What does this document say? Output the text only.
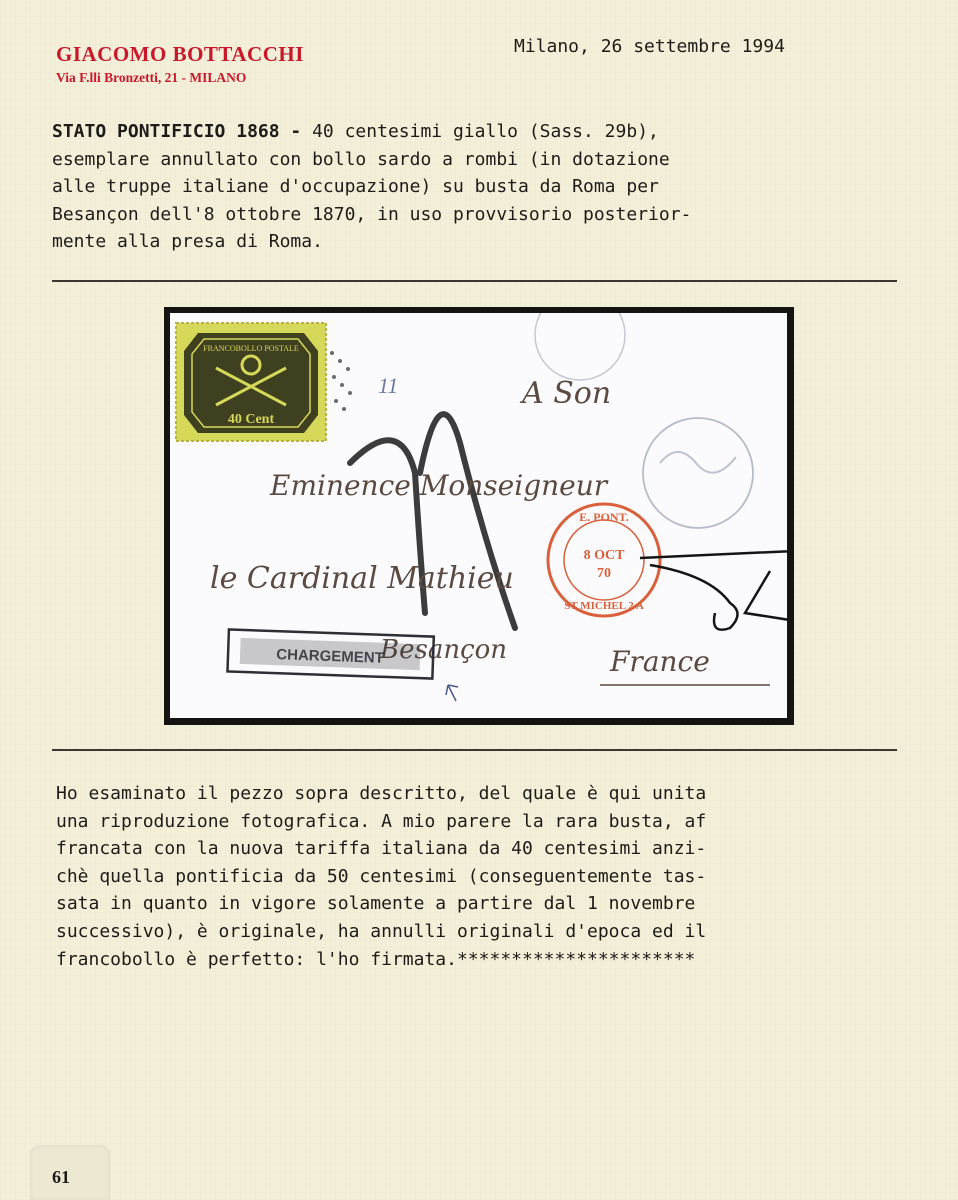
GIACOMO BOTTACCHI
Via F.lli Bronzetti, 21 - MILANO
Milano, 26 settembre 1994
STATO PONTIFICIO 1868 - 40 centesimi giallo (Sass. 29b),
esemplare annullato con bollo sardo a rombi (in dotazione
alle truppe italiane d'occupazione) su busta da Roma per
Besançon dell'8 ottobre 1870, in uso provvisorio posterior-
mente alla presa di Roma.
FRANCOBOLLO POSTALE
40 Cent
11	A Son
Eminence Monseigneur
le Cardinal Mathieu
Besançon	France
E. PONT.
8 OCT
70
ST MICHEL 2 A
CHARGEMENT
Ho esaminato il pezzo sopra descritto, del quale è qui unita
una riproduzione fotografica. A mio parere la rara busta, af
francata con la nuova tariffa italiana da 40 centesimi anzi-
chè quella pontificia da 50 centesimi (conseguentemente tas-
sata in quanto in vigore solamente a partire dal 1 novembre
successivo), è originale, ha annulli originali d'epoca ed il
francobollo è perfetto: l'ho firmata.**********************
61
